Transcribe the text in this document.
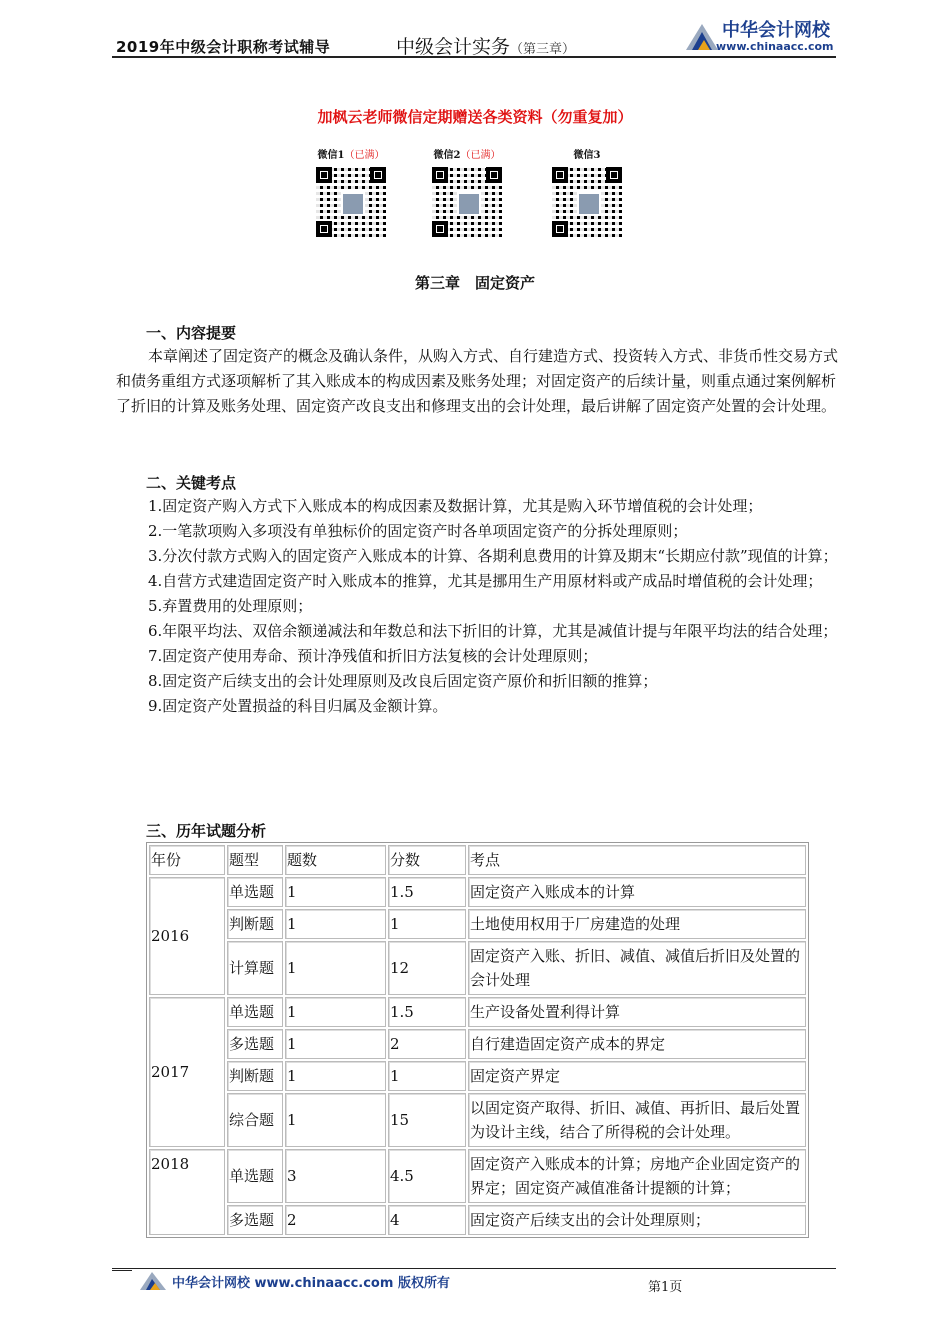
2019年中级会计职称考试辅导	中级会计实务（第三章）
中华会计网校
www.chinaacc.com
加枫云老师微信定期赠送各类资料（勿重复加）
微信1（已满）	微信2（已满）	微信3
第三章　固定资产
一、内容提要
本章阐述了固定资产的概念及确认条件，从购入方式、自行建造方式、投资转入方式、非货币性交易方式和债务重组方式逐项解析了其入账成本的构成因素及账务处理；对固定资产的后续计量，则重点通过案例解析了折旧的计算及账务处理、固定资产改良支出和修理支出的会计处理，最后讲解了固定资产处置的会计处理。
二、关键考点
1.固定资产购入方式下入账成本的构成因素及数据计算，尤其是购入环节增值税的会计处理；
2.一笔款项购入多项没有单独标价的固定资产时各单项固定资产的分拆处理原则；
3.分次付款方式购入的固定资产入账成本的计算、各期利息费用的计算及期末“长期应付款”现值的计算；
4.自营方式建造固定资产时入账成本的推算，尤其是挪用生产用原材料或产成品时增值税的会计处理；
5.弃置费用的处理原则；
6.年限平均法、双倍余额递减法和年数总和法下折旧的计算，尤其是减值计提与年限平均法的结合处理；
7.固定资产使用寿命、预计净残值和折旧方法复核的会计处理原则；
8.固定资产后续支出的会计处理原则及改良后固定资产原价和折旧额的推算；
9.固定资产处置损益的科目归属及金额计算。
三、历年试题分析
年份	题型	题数	分数	考点
2016	单选题	1	1.5	固定资产入账成本的计算
	判断题	1	1	土地使用权用于厂房建造的处理
	计算题	1	12	固定资产入账、折旧、减值、减值后折旧及处置的会计处理
2017	单选题	1	1.5	生产设备处置利得计算
	多选题	1	2	自行建造固定资产成本的界定
	判断题	1	1	固定资产界定
	综合题	1	15	以固定资产取得、折旧、减值、再折旧、最后处置为设计主线，结合了所得税的会计处理。
2018	单选题	3	4.5	固定资产入账成本的计算；房地产企业固定资产的界定；固定资产减值准备计提额的计算；
	多选题	2	4	固定资产后续支出的会计处理原则；
中华会计网校 www.chinaacc.com 版权所有	第1页
